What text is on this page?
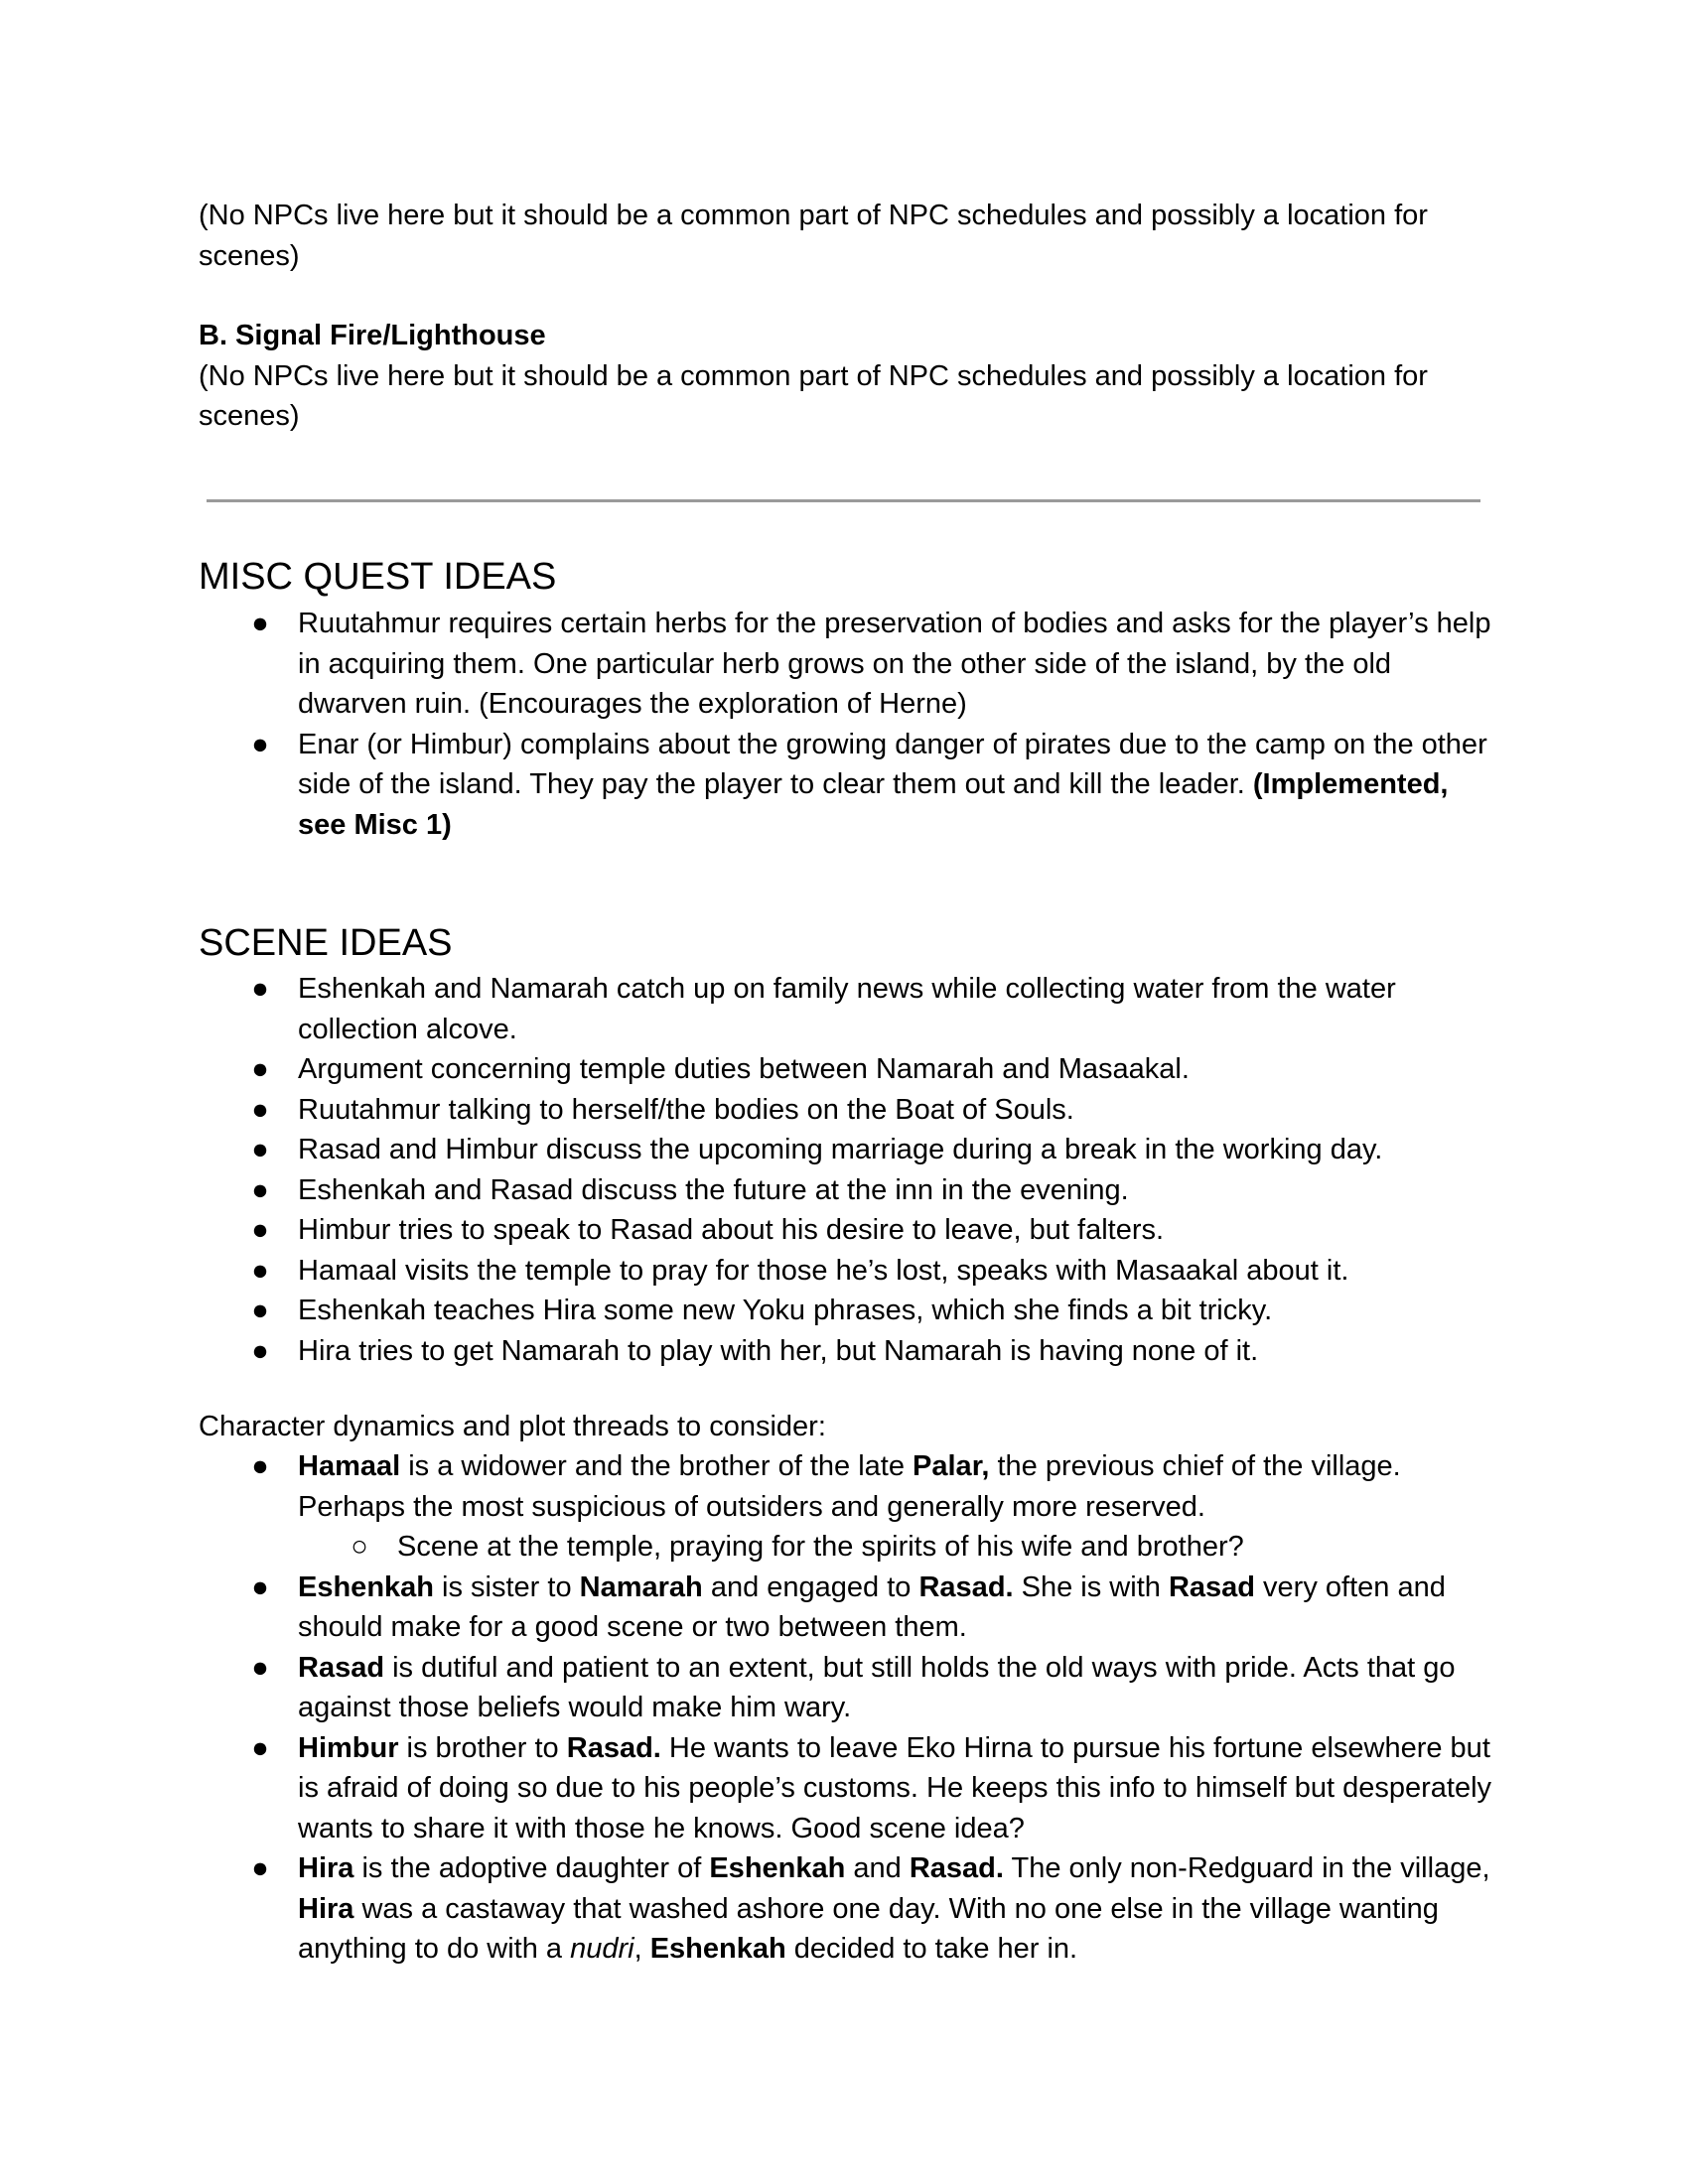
(No NPCs live here but it should be a common part of NPC schedules and possibly a location for scenes)

B. Signal Fire/Lighthouse
(No NPCs live here but it should be a common part of NPC schedules and possibly a location for scenes)
MISC QUEST IDEAS
● Ruutahmur requires certain herbs for the preservation of bodies and asks for the player’s help in acquiring them. One particular herb grows on the other side of the island, by the old dwarven ruin. (Encourages the exploration of Herne)
● Enar (or Himbur) complains about the growing danger of pirates due to the camp on the other side of the island. They pay the player to clear them out and kill the leader. (Implemented, see Misc 1)
SCENE IDEAS
● Eshenkah and Namarah catch up on family news while collecting water from the water collection alcove.
● Argument concerning temple duties between Namarah and Masaakal.
● Ruutahmur talking to herself/the bodies on the Boat of Souls.
● Rasad and Himbur discuss the upcoming marriage during a break in the working day.
● Eshenkah and Rasad discuss the future at the inn in the evening.
● Himbur tries to speak to Rasad about his desire to leave, but falters.
● Hamaal visits the temple to pray for those he’s lost, speaks with Masaakal about it.
● Eshenkah teaches Hira some new Yoku phrases, which she finds a bit tricky.
● Hira tries to get Namarah to play with her, but Namarah is having none of it.

Character dynamics and plot threads to consider:

● Hamaal is a widower and the brother of the late Palar, the previous chief of the village. Perhaps the most suspicious of outsiders and generally more reserved.
○ Scene at the temple, praying for the spirits of his wife and brother?
● Eshenkah is sister to Namarah and engaged to Rasad. She is with Rasad very often and should make for a good scene or two between them.
● Rasad is dutiful and patient to an extent, but still holds the old ways with pride. Acts that go against those beliefs would make him wary.
● Himbur is brother to Rasad. He wants to leave Eko Hirna to pursue his fortune elsewhere but is afraid of doing so due to his people’s customs. He keeps this info to himself but desperately wants to share it with those he knows. Good scene idea?
● Hira is the adoptive daughter of Eshenkah and Rasad. The only non-Redguard in the village, Hira was a castaway that washed ashore one day. With no one else in the village wanting anything to do with a nudri, Eshenkah decided to take her in.
